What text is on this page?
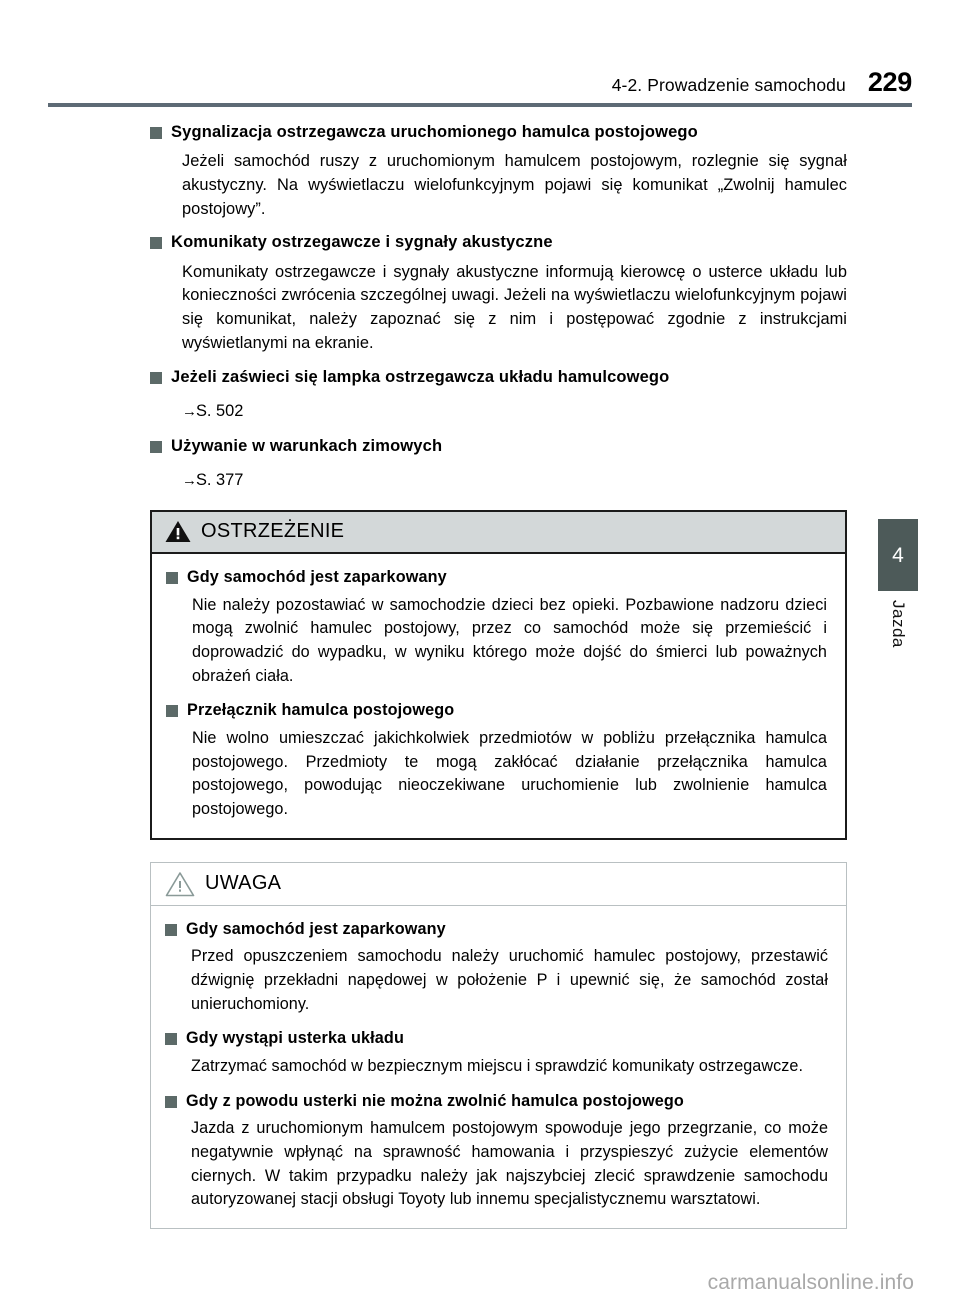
4-2. Prowadzenie samochodu 229
Sygnalizacja ostrzegawcza uruchomionego hamulca postojowego

Jeżeli samochód ruszy z uruchomionym hamulcem postojowym, rozlegnie się sygnał akustyczny. Na wyświetlaczu wielofunkcyjnym pojawi się komunikat „Zwolnij hamulec postojowy”.

Komunikaty ostrzegawcze i sygnały akustyczne

Komunikaty ostrzegawcze i sygnały akustyczne informują kierowcę o usterce układu lub konieczności zwrócenia szczególnej uwagi. Jeżeli na wyświetlaczu wielofunkcyjnym pojawi się komunikat, należy zapoznać się z nim i postępować zgodnie z instrukcjami wyświetlanymi na ekranie.

Jeżeli zaświeci się lampka ostrzegawcza układu hamulcowego
→S. 502
Używanie w warunkach zimowych
→S. 377
OSTRZEŻENIE
Gdy samochód jest zaparkowany

Nie należy pozostawiać w samochodzie dzieci bez opieki. Pozbawione nadzoru dzieci mogą zwolnić hamulec postojowy, przez co samochód może się przemieścić i doprowadzić do wypadku, w wyniku którego może dojść do śmierci lub poważnych obrażeń ciała.

Przełącznik hamulca postojowego

Nie wolno umieszczać jakichkolwiek przedmiotów w pobliżu przełącznika hamulca postojowego. Przedmioty te mogą zakłócać działanie przełącznika hamulca postojowego, powodując nieoczekiwane uruchomienie lub zwolnienie hamulca postojowego.

UWAGA
Gdy samochód jest zaparkowany

Przed opuszczeniem samochodu należy uruchomić hamulec postojowy, przestawić dźwignię przekładni napędowej w położenie P i upewnić się, że samochód został unieruchomiony.

Gdy wystąpi usterka układu

Zatrzymać samochód w bezpiecznym miejscu i sprawdzić komunikaty ostrzegawcze.

Gdy z powodu usterki nie można zwolnić hamulca postojowego

Jazda z uruchomionym hamulcem postojowym spowoduje jego przegrzanie, co może negatywnie wpłynąć na sprawność hamowania i przyspieszyć zużycie elementów ciernych. W takim przypadku należy jak najszybciej zlecić sprawdzenie samochodu autoryzowanej stacji obsługi Toyoty lub innemu specjalistycznemu warsztatowi.

4
Jazda
carmanualsonline.info
